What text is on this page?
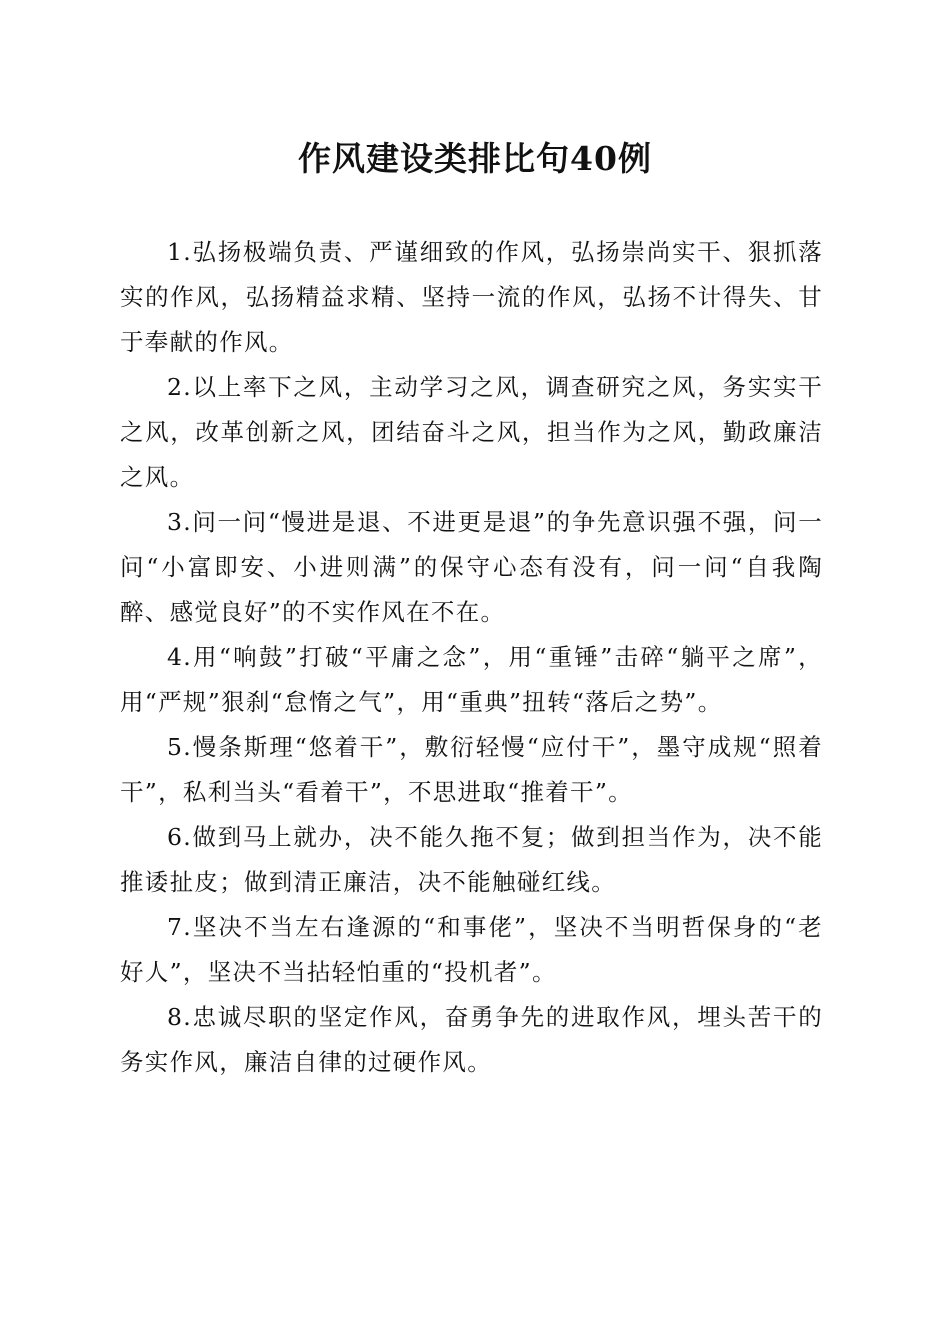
作风建设类排比句40例

1.弘扬极端负责、严谨细致的作风，弘扬崇尚实干、狠抓落实的作风，弘扬精益求精、坚持一流的作风，弘扬不计得失、甘于奉献的作风。

2.以上率下之风，主动学习之风，调查研究之风，务实实干之风，改革创新之风，团结奋斗之风，担当作为之风，勤政廉洁之风。

3.问一问“慢进是退、不进更是退”的争先意识强不强，问一问“小富即安、小进则满”的保守心态有没有，问一问“自我陶醉、感觉良好”的不实作风在不在。

4.用“响鼓”打破“平庸之念”，用“重锤”击碎“躺平之席”，用“严规”狠刹“怠惰之气”，用“重典”扭转“落后之势”。

5.慢条斯理“悠着干”，敷衍轻慢“应付干”，墨守成规“照着干”，私利当头“看着干”，不思进取“推着干”。

6.做到马上就办，决不能久拖不复；做到担当作为，决不能推诿扯皮；做到清正廉洁，决不能触碰红线。

7.坚决不当左右逢源的“和事佬”，坚决不当明哲保身的“老好人”，坚决不当拈轻怕重的“投机者”。

8.忠诚尽职的坚定作风，奋勇争先的进取作风，埋头苦干的务实作风，廉洁自律的过硬作风。
